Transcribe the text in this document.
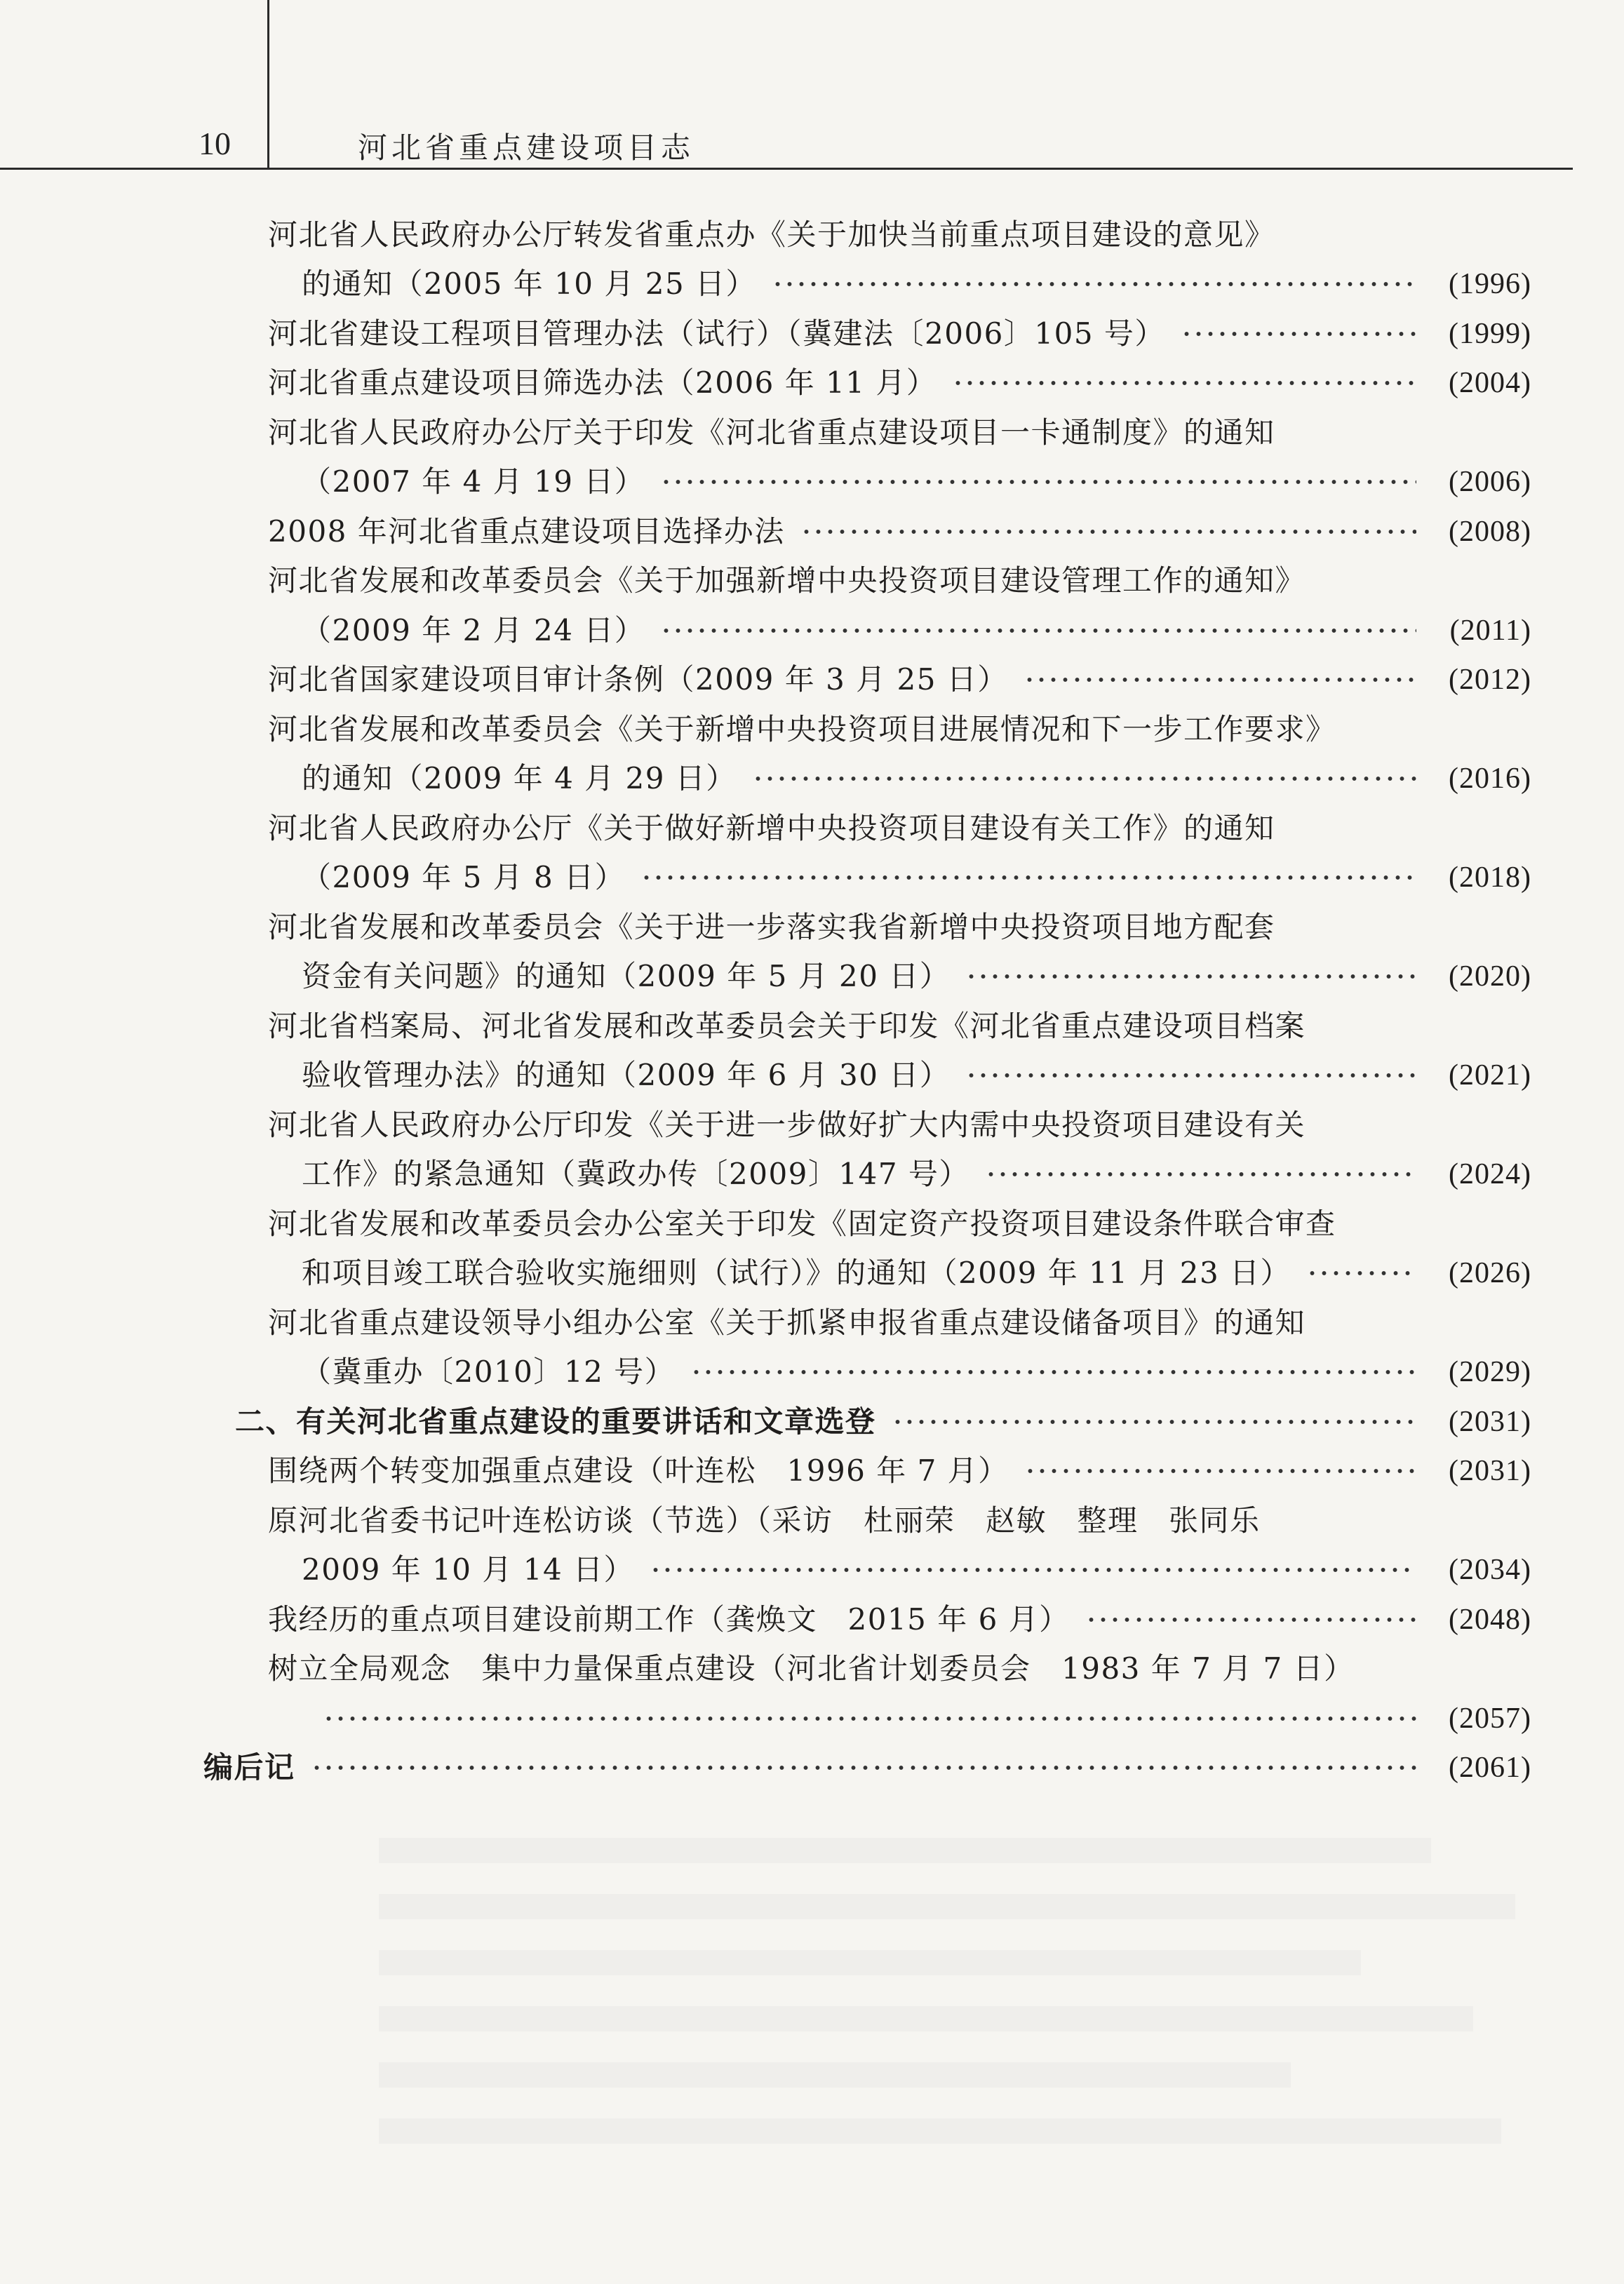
10	河北省重点建设项目志
河北省人民政府办公厅转发省重点办《关于加快当前重点项目建设的意见》
的通知（2005 年 10 月 25 日）	(1996)
河北省建设工程项目管理办法（试行）（冀建法〔2006〕105 号）	(1999)
河北省重点建设项目筛选办法（2006 年 11 月）	(2004)
河北省人民政府办公厅关于印发《河北省重点建设项目一卡通制度》的通知
（2007 年 4 月 19 日）	(2006)
2008 年河北省重点建设项目选择办法	(2008)
河北省发展和改革委员会《关于加强新增中央投资项目建设管理工作的通知》
（2009 年 2 月 24 日）	(2011)
河北省国家建设项目审计条例（2009 年 3 月 25 日）	(2012)
河北省发展和改革委员会《关于新增中央投资项目进展情况和下一步工作要求》
的通知（2009 年 4 月 29 日）	(2016)
河北省人民政府办公厅《关于做好新增中央投资项目建设有关工作》的通知
（2009 年 5 月 8 日）	(2018)
河北省发展和改革委员会《关于进一步落实我省新增中央投资项目地方配套
资金有关问题》的通知（2009 年 5 月 20 日）	(2020)
河北省档案局、河北省发展和改革委员会关于印发《河北省重点建设项目档案
验收管理办法》的通知（2009 年 6 月 30 日）	(2021)
河北省人民政府办公厅印发《关于进一步做好扩大内需中央投资项目建设有关
工作》的紧急通知（冀政办传〔2009〕147 号）	(2024)
河北省发展和改革委员会办公室关于印发《固定资产投资项目建设条件联合审查
和项目竣工联合验收实施细则（试行）》的通知（2009 年 11 月 23 日）	(2026)
河北省重点建设领导小组办公室《关于抓紧申报省重点建设储备项目》的通知
（冀重办〔2010〕12 号）	(2029)
二、有关河北省重点建设的重要讲话和文章选登	(2031)
围绕两个转变加强重点建设（叶连松　1996 年 7 月）	(2031)
原河北省委书记叶连松访谈（节选）（采访　杜丽荣　赵敏　整理　张同乐
2009 年 10 月 14 日）	(2034)
我经历的重点项目建设前期工作（龚焕文　2015 年 6 月）	(2048)
树立全局观念　集中力量保重点建设（河北省计划委员会　1983 年 7 月 7 日）
(2057)
编后记	(2061)
